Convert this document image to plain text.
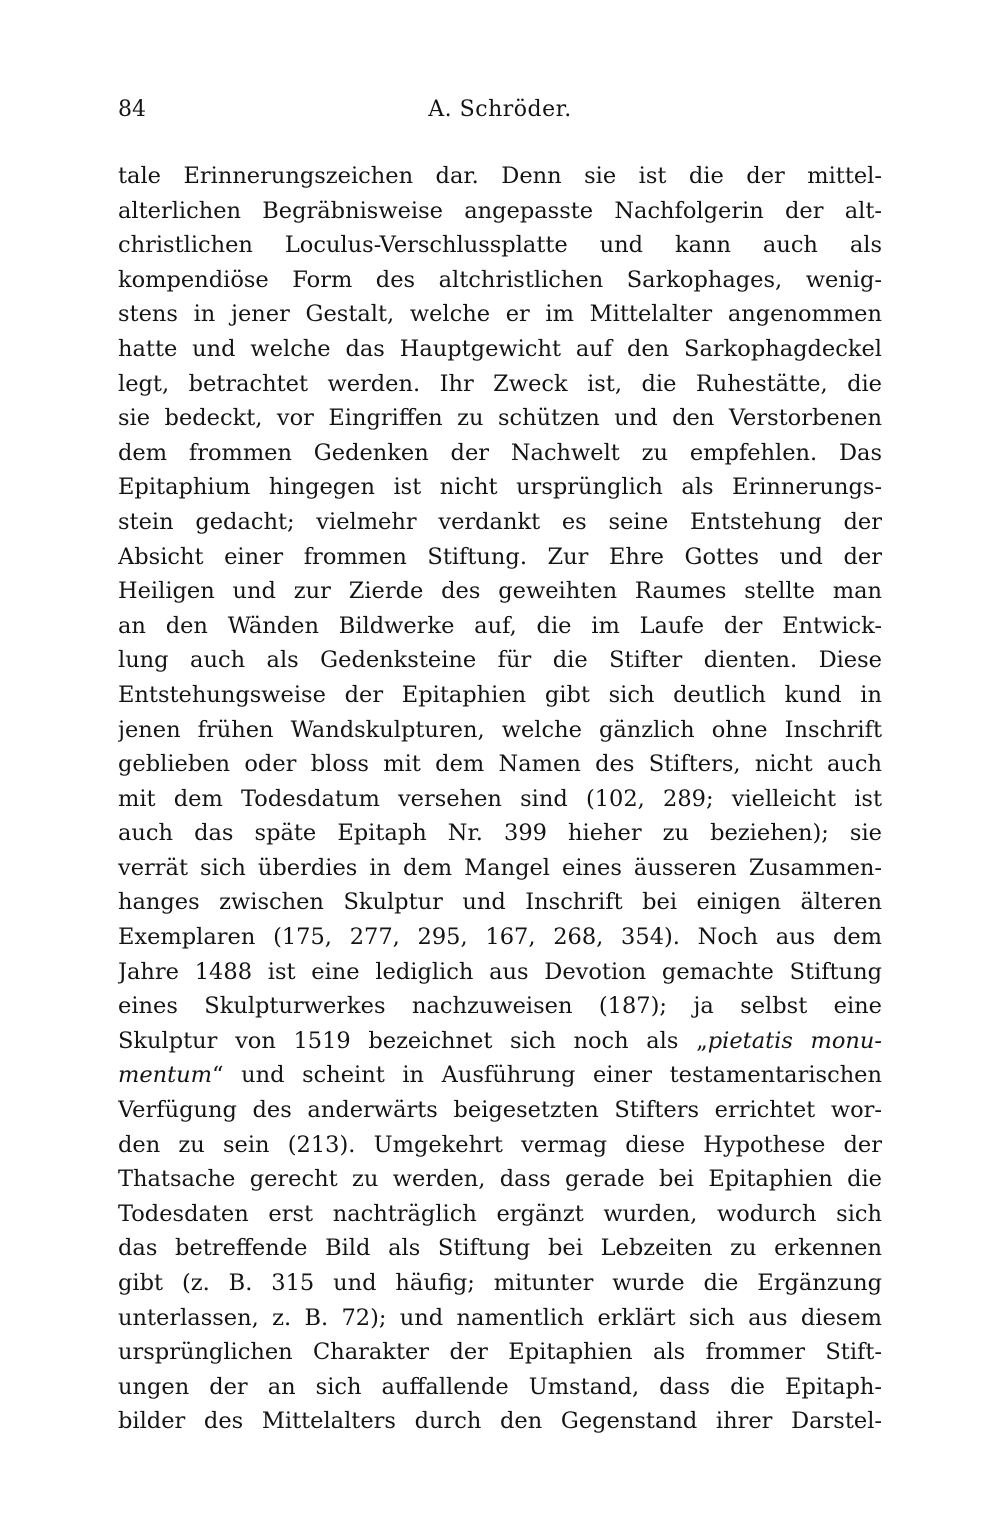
84	A. Schröder.
tale Erinnerungszeichen dar. Denn sie ist die der mittel-
alterlichen Begräbnisweise angepasste Nachfolgerin der alt-
christlichen Loculus-Verschlussplatte und kann auch als
kompendiöse Form des altchristlichen Sarkophages, wenig-
stens in jener Gestalt, welche er im Mittelalter angenommen
hatte und welche das Hauptgewicht auf den Sarkophagdeckel
legt, betrachtet werden. Ihr Zweck ist, die Ruhestätte, die
sie bedeckt, vor Eingriffen zu schützen und den Verstorbenen
dem frommen Gedenken der Nachwelt zu empfehlen. Das
Epitaphium hingegen ist nicht ursprünglich als Erinnerungs-
stein gedacht; vielmehr verdankt es seine Entstehung der
Absicht einer frommen Stiftung. Zur Ehre Gottes und der
Heiligen und zur Zierde des geweihten Raumes stellte man
an den Wänden Bildwerke auf, die im Laufe der Entwick-
lung auch als Gedenksteine für die Stifter dienten. Diese
Entstehungsweise der Epitaphien gibt sich deutlich kund in
jenen frühen Wandskulpturen, welche gänzlich ohne Inschrift
geblieben oder bloss mit dem Namen des Stifters, nicht auch
mit dem Todesdatum versehen sind (102, 289; vielleicht ist
auch das späte Epitaph Nr. 399 hieher zu beziehen); sie
verrät sich überdies in dem Mangel eines äusseren Zusammen-
hanges zwischen Skulptur und Inschrift bei einigen älteren
Exemplaren (175, 277, 295, 167, 268, 354). Noch aus dem
Jahre 1488 ist eine lediglich aus Devotion gemachte Stiftung
eines Skulpturwerkes nachzuweisen (187); ja selbst eine
Skulptur von 1519 bezeichnet sich noch als „pietatis monu-
mentum“ und scheint in Ausführung einer testamentarischen
Verfügung des anderwärts beigesetzten Stifters errichtet wor-
den zu sein (213). Umgekehrt vermag diese Hypothese der
Thatsache gerecht zu werden, dass gerade bei Epitaphien die
Todesdaten erst nachträglich ergänzt wurden, wodurch sich
das betreffende Bild als Stiftung bei Lebzeiten zu erkennen
gibt (z. B. 315 und häufig; mitunter wurde die Ergänzung
unterlassen, z. B. 72); und namentlich erklärt sich aus diesem
ursprünglichen Charakter der Epitaphien als frommer Stift-
ungen der an sich auffallende Umstand, dass die Epitaph-
bilder des Mittelalters durch den Gegenstand ihrer Darstel-
